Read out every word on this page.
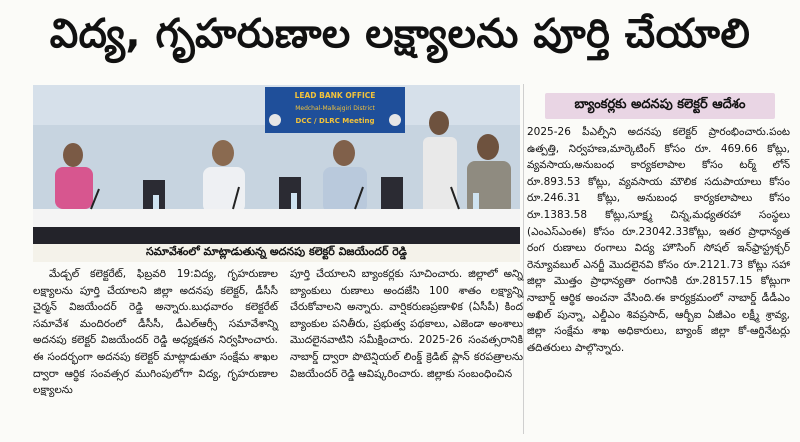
విద్య, గృహరుణాల లక్ష్యాలను పూర్తి చేయాలి
LEAD BANK OFFICE
Medchal-Malkajgiri District
DCC / DLRC Meeting
సమావేశంలో మాట్లాడుతున్న అదనపు కలెక్టర్ విజయేందర్ రెడ్డి
బ్యాంకర్లకు అదనపు కలెక్టర్ ఆదేశం

2025-26 పీఎల్పీని అదనపు కలెక్టర్ ప్రారంభించారు.పంట ఉత్పత్తి, నిర్వహణ,మార్కెటింగ్ కోసం రూ. 469.66 కోట్లు, వ్యవసాయ,అనుబంధ కార్యకలాపాల కోసం టర్మ్ లోన్ రూ.893.53 కోట్లు, వ్యవసాయ మౌలిక సదుపాయాలు కోసం రూ.246.31 కోట్లు, అనుబంధ కార్యకలాపాలు కోసం రూ.1383.58 కోట్లు,సూక్ష్మ చిన్న,మధ్యతరహా సంస్థలు (ఎంఎస్ఎంఈ) కోసం రూ.23042.33కోట్లు, ఇతర ప్రాధాన్యత రంగ రుణాలు రంగాలు విద్య హౌసింగ్ సోషల్ ఇన్‌ఫ్రాస్ట్రక్చర్ రెన్యూవబుల్ ఎనర్జీ మొదలైనవి కోసం రూ.2121.73 కోట్లు సహా జిల్లా మొత్తం ప్రాధాన్యతా రంగానికి రూ.28157.15 కోట్లుగా నాబార్డ్ ఆర్థిక అంచనా వేసింది.ఈ కార్యక్రమంలో నాబార్డ్ డీడీఎం అఖిల్ పున్నా, ఎల్డీఎం శివప్రసాద్, ఆర్బీఐ ఏజీఎం లక్ష్మీ శ్రావ్య, జిల్లా సంక్షేమ శాఖ అధికారులు, బ్యాంక్ జిల్లా కో-ఆర్డినేటర్లు తదితరులు పాల్గొన్నారు.

మేడ్చల్ కలెక్టరేట్, ఫిబ్రవరి 19:విద్య, గృహరుణాల లక్ష్యాలను పూర్తి చేయాలని జిల్లా అదనపు కలెక్టర్, డీసీసీ చైర్మన్ విజయేందర్ రెడ్డి అన్నారు.బుధవారం కలెక్టరేట్ సమావేశ మందిరంలో డీసీసీ, డీఎల్ఆర్సీ సమావేశాన్ని అదనపు కలెక్టర్ విజయేందర్ రెడ్డి అధ్యక్షతన నిర్వహించారు. ఈ సందర్భంగా అదనపు కలెక్టర్ మాట్లాడుతూ సంక్షేమ శాఖల ద్వారా ఆర్థిక సంవత్సర ముగింపులోగా విద్య, గృహరుణాల లక్ష్యాలను

పూర్తి చేయాలని బ్యాంకర్లకు సూచించారు. జిల్లాలో అన్ని బ్యాంకులు రుణాలు అందజేసి 100 శాతం లక్ష్యాన్ని చేరుకోవాలని అన్నారు. వార్షికరుణప్రణాళిక (ఏసీపీ) కింద బ్యాంకుల పనితీరు, ప్రభుత్వ పథకాలు, ఎజెండా అంశాలు మొదలైనవాటిని సమీక్షించారు. 2025-26 సంవత్సరానికి నాబార్డ్ ద్వారా పొటెన్షియల్ లింక్డ్ క్రెడిట్ ప్లాన్ కరపత్రాలను విజయేందర్ రెడ్డి ఆవిష్కరించారు. జిల్లాకు సంబంధించిన
